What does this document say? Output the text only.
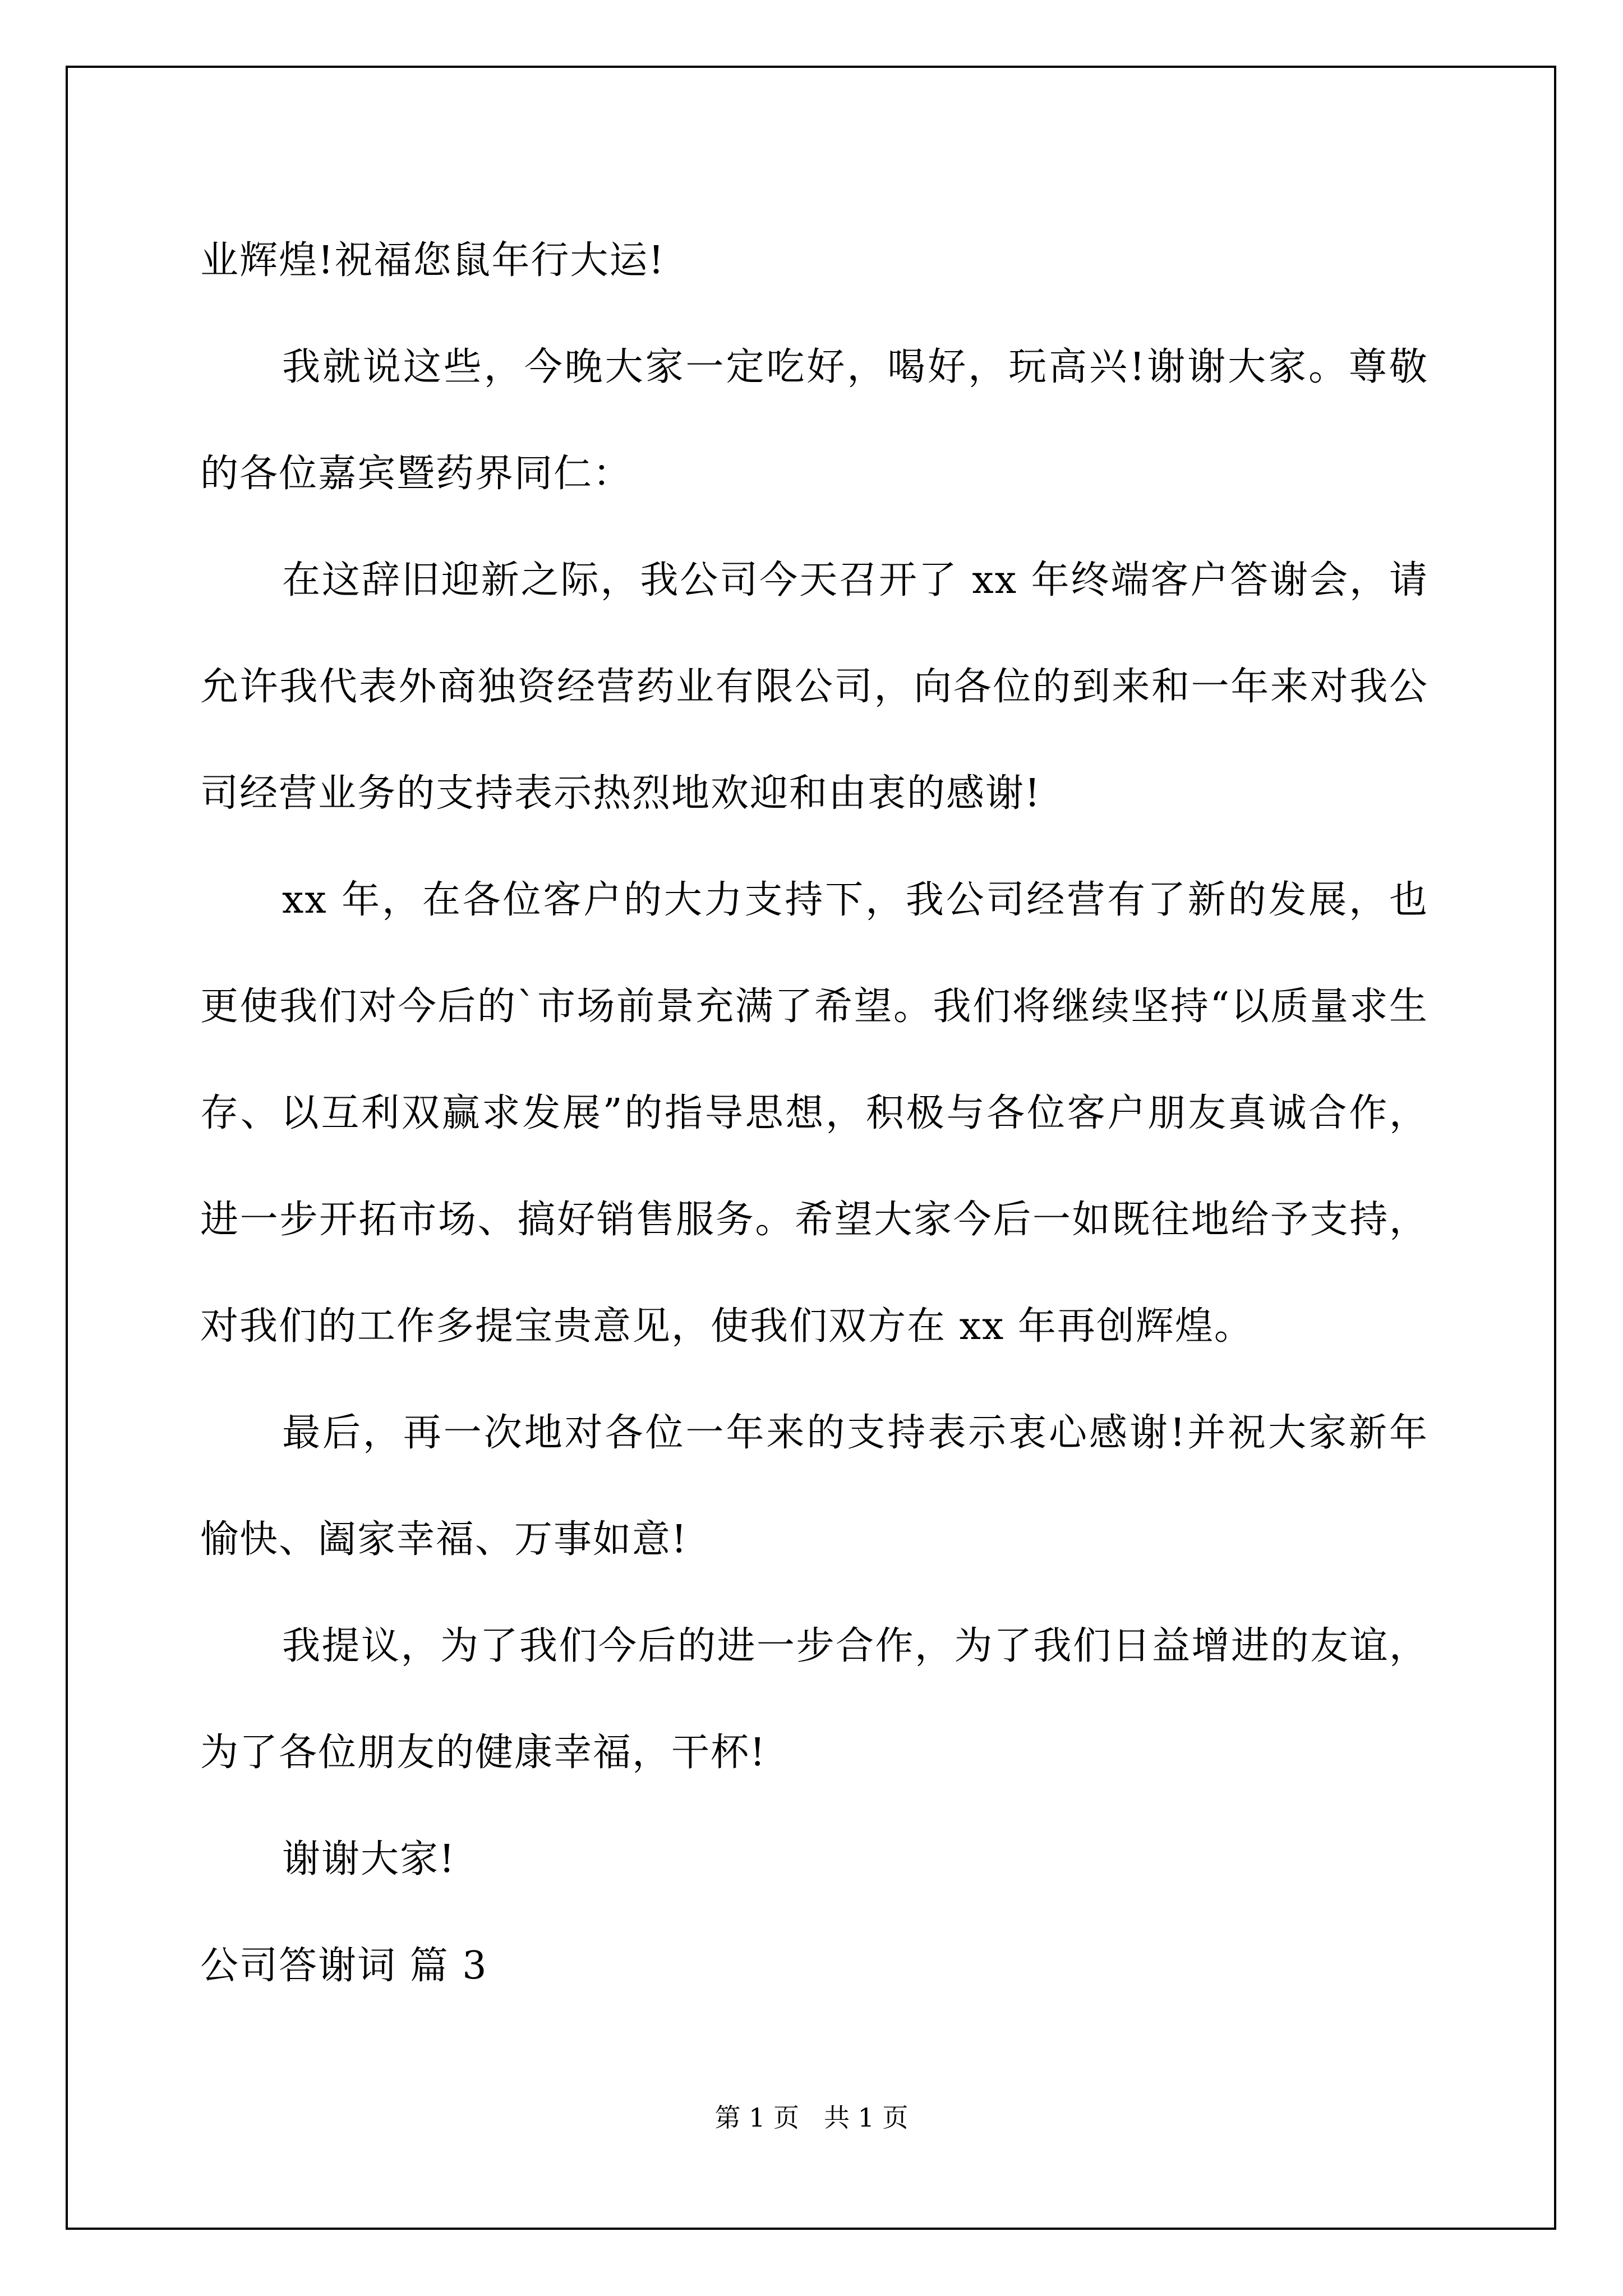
业辉煌!祝福您鼠年行大运!

我就说这些，今晚大家一定吃好，喝好，玩高兴!谢谢大家。尊敬的各位嘉宾暨药界同仁：

在这辞旧迎新之际，我公司今天召开了 xx 年终端客户答谢会，请允许我代表外商独资经营药业有限公司，向各位的到来和一年来对我公司经营业务的支持表示热烈地欢迎和由衷的感谢!

xx 年，在各位客户的大力支持下，我公司经营有了新的发展，也更使我们对今后的`市场前景充满了希望。我们将继续坚持“以质量求生存、以互利双赢求发展”的指导思想，积极与各位客户朋友真诚合作，进一步开拓市场、搞好销售服务。希望大家今后一如既往地给予支持，对我们的工作多提宝贵意见，使我们双方在 xx 年再创辉煌。

最后，再一次地对各位一年来的支持表示衷心感谢!并祝大家新年愉快、阖家幸福、万事如意!

我提议，为了我们今后的进一步合作，为了我们日益增进的友谊，为了各位朋友的健康幸福，干杯!

谢谢大家!

公司答谢词 篇 3

第 1 页 共 1 页
